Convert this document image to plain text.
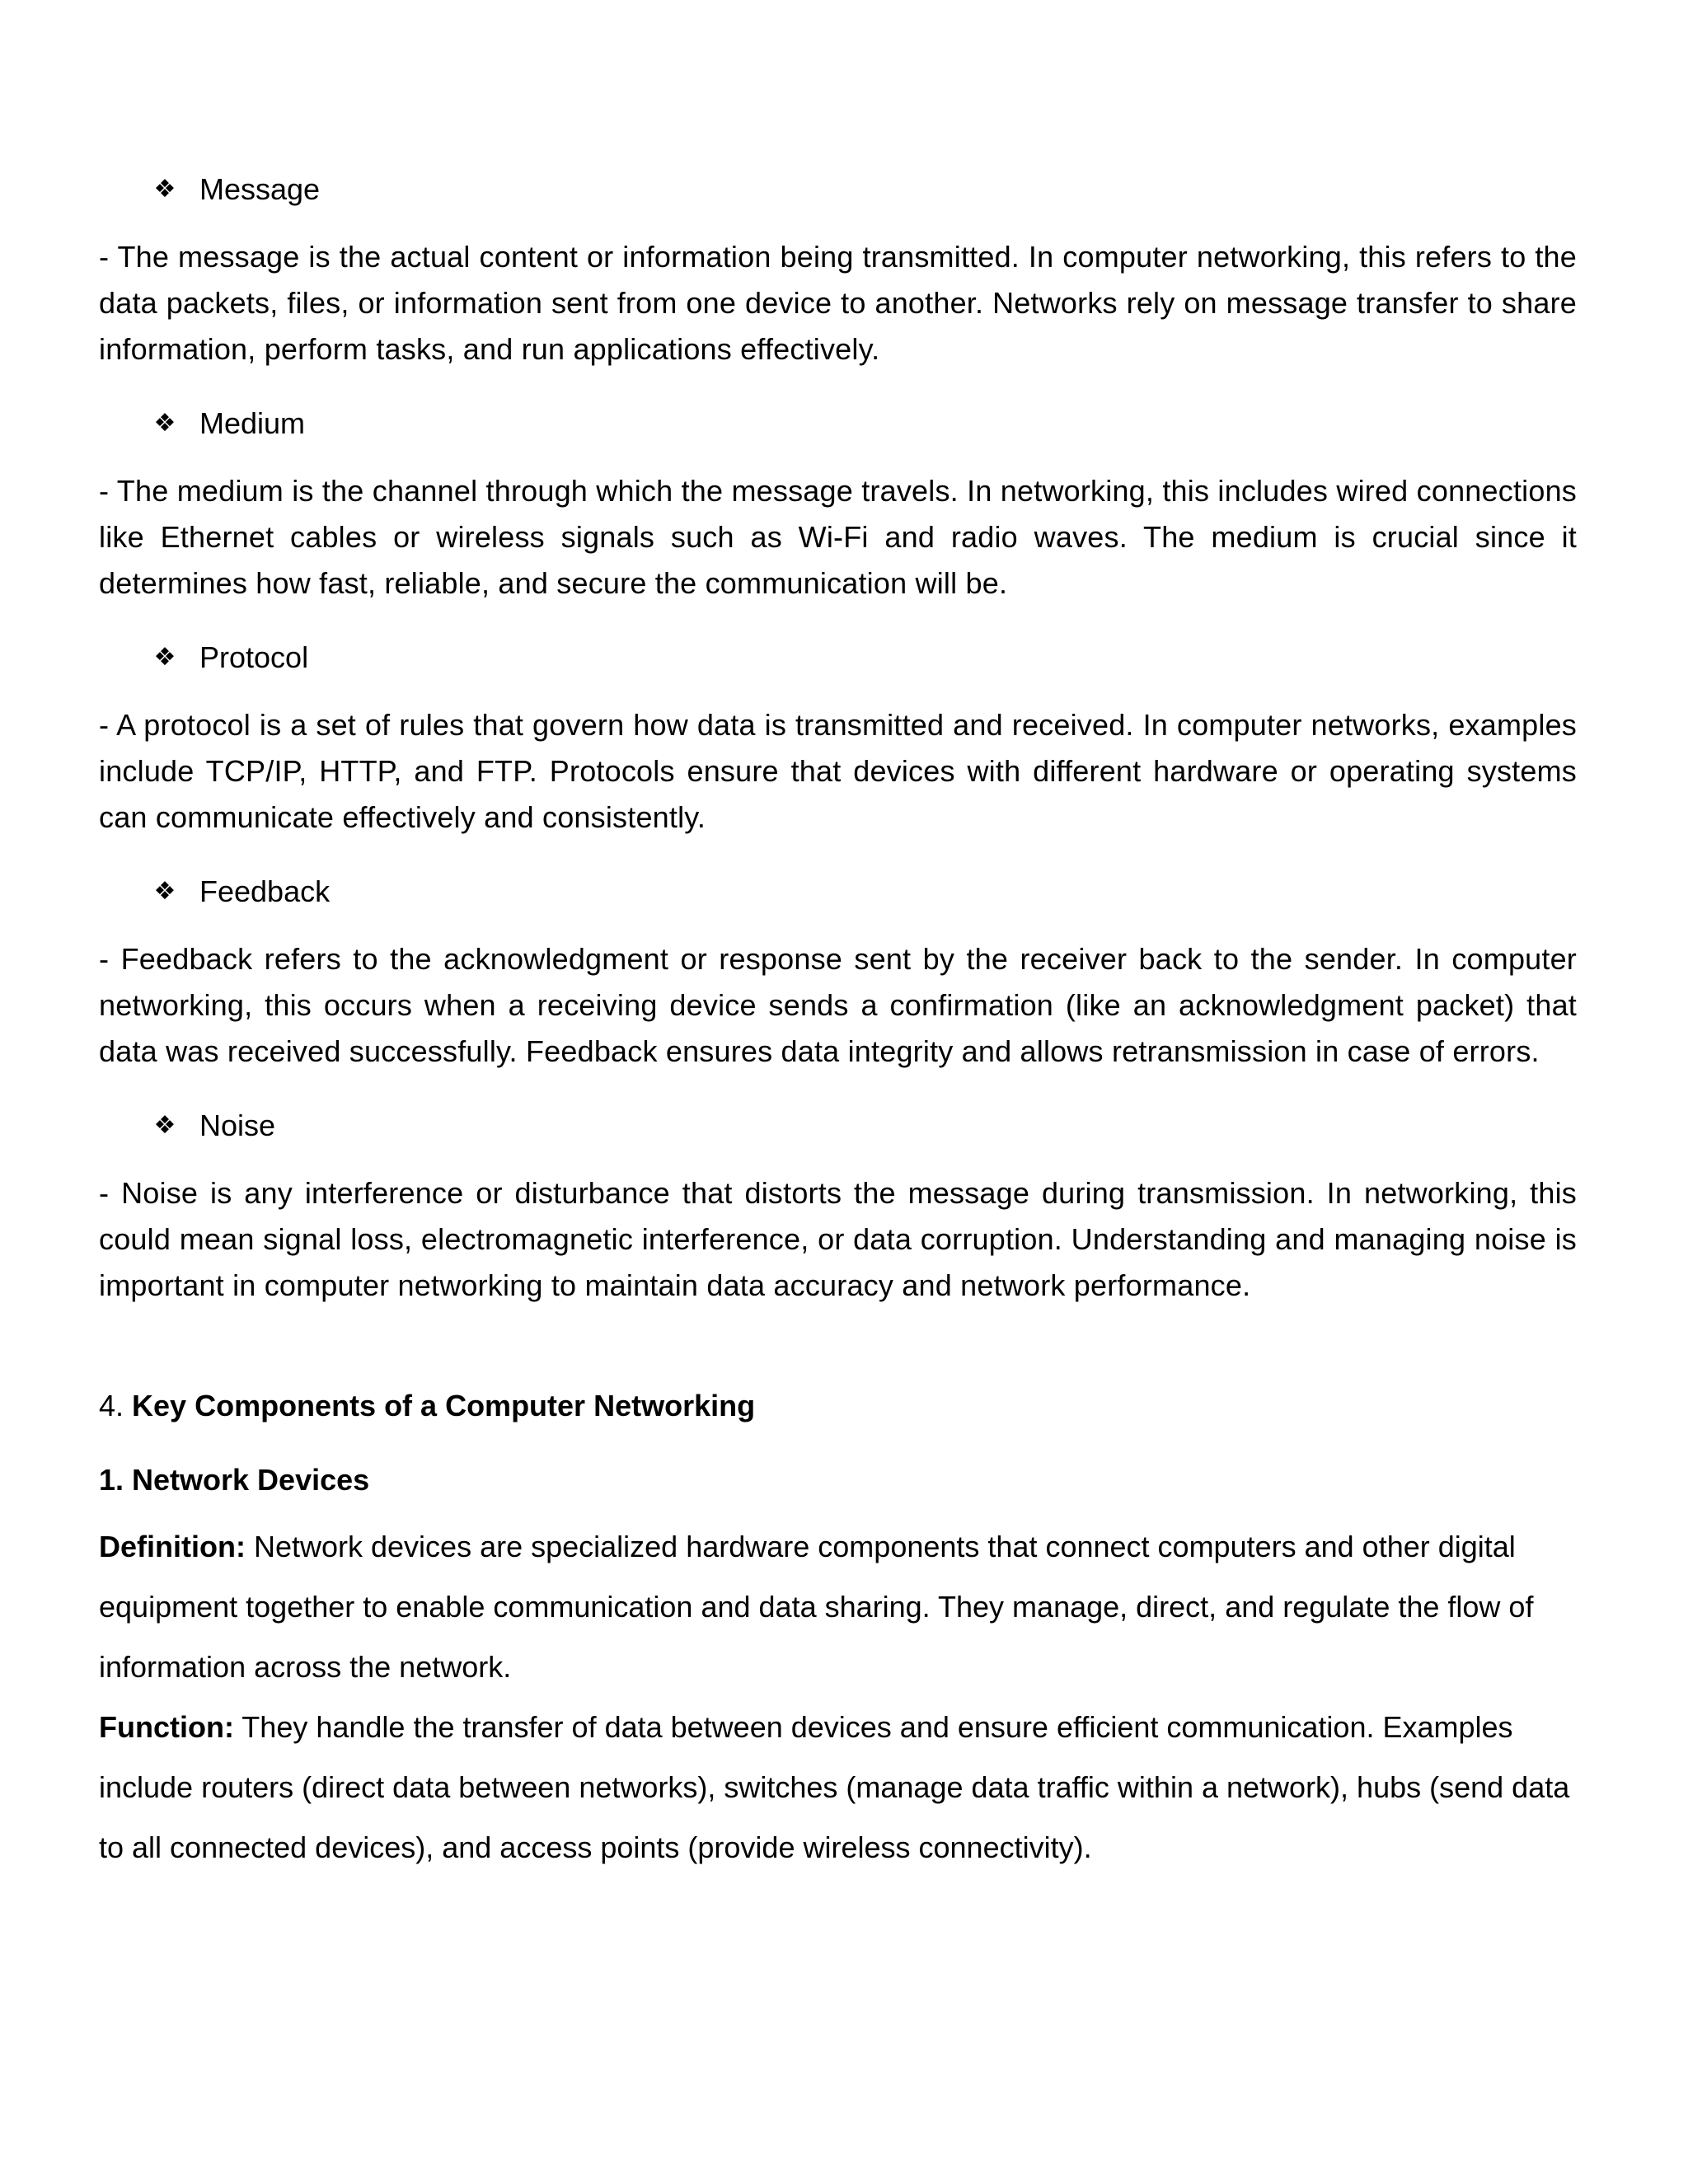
❖ Message

- The message is the actual content or information being transmitted. In computer networking, this refers to the data packets, files, or information sent from one device to another. Networks rely on message transfer to share information, perform tasks, and run applications effectively.

❖ Medium

- The medium is the channel through which the message travels. In networking, this includes wired connections like Ethernet cables or wireless signals such as Wi-Fi and radio waves. The medium is crucial since it determines how fast, reliable, and secure the communication will be.

❖ Protocol

- A protocol is a set of rules that govern how data is transmitted and received. In computer networks, examples include TCP/IP, HTTP, and FTP. Protocols ensure that devices with different hardware or operating systems can communicate effectively and consistently.

❖ Feedback

- Feedback refers to the acknowledgment or response sent by the receiver back to the sender. In computer networking, this occurs when a receiving device sends a confirmation (like an acknowledgment packet) that data was received successfully. Feedback ensures data integrity and allows retransmission in case of errors.

❖ Noise

- Noise is any interference or disturbance that distorts the message during transmission. In networking, this could mean signal loss, electromagnetic interference, or data corruption. Understanding and managing noise is important in computer networking to maintain data accuracy and network performance.

4. Key Components of a Computer Networking

1. Network Devices

Definition: Network devices are specialized hardware components that connect computers and other digital equipment together to enable communication and data sharing. They manage, direct, and regulate the flow of information across the network.

Function: They handle the transfer of data between devices and ensure efficient communication. Examples include routers (direct data between networks), switches (manage data traffic within a network), hubs (send data to all connected devices), and access points (provide wireless connectivity).
